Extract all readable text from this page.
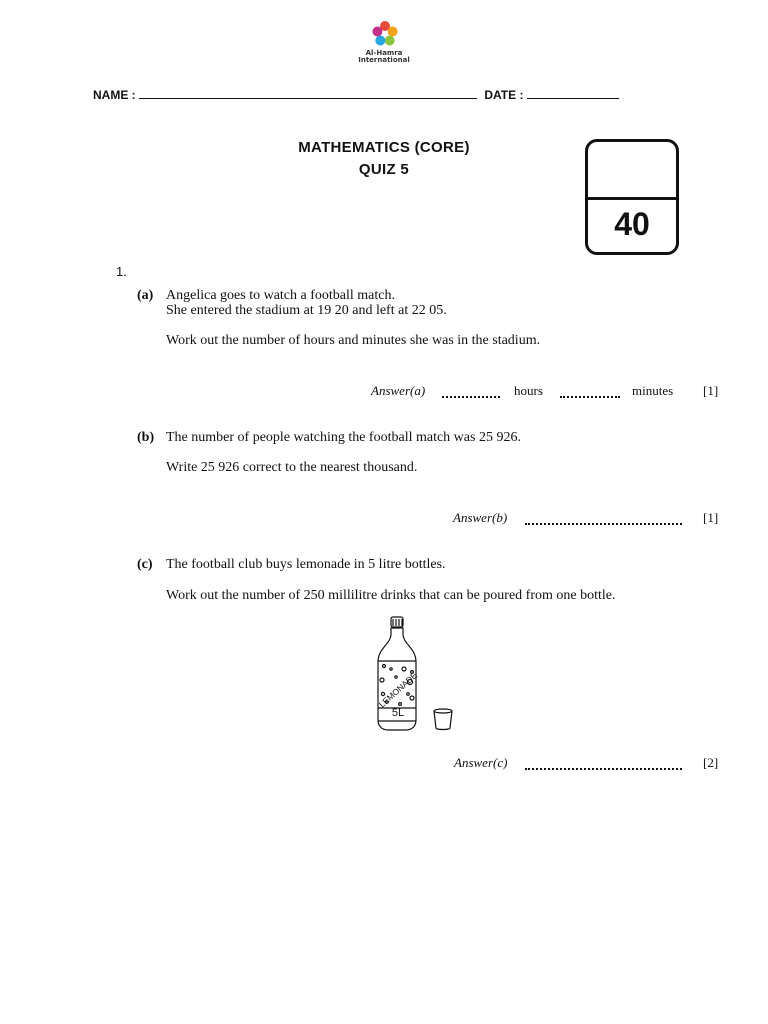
Al-Hamra
International
NAME :	DATE :
MATHEMATICS (CORE)
QUIZ 5
40
1.
(a) Angelica goes to watch a football match.
She entered the stadium at 19 20 and left at 22 05.
Work out the number of hours and minutes she was in the stadium.
Answer(a)	hours	minutes [1]
(b) The number of people watching the football match was 25 926.
Write 25 926 correct to the nearest thousand.
Answer(b)	[1]
(c) The football club buys lemonade in 5 litre bottles.
Work out the number of 250 millilitre drinks that can be poured from one bottle.
LEMONADE
5L
Answer(c)	[2]
